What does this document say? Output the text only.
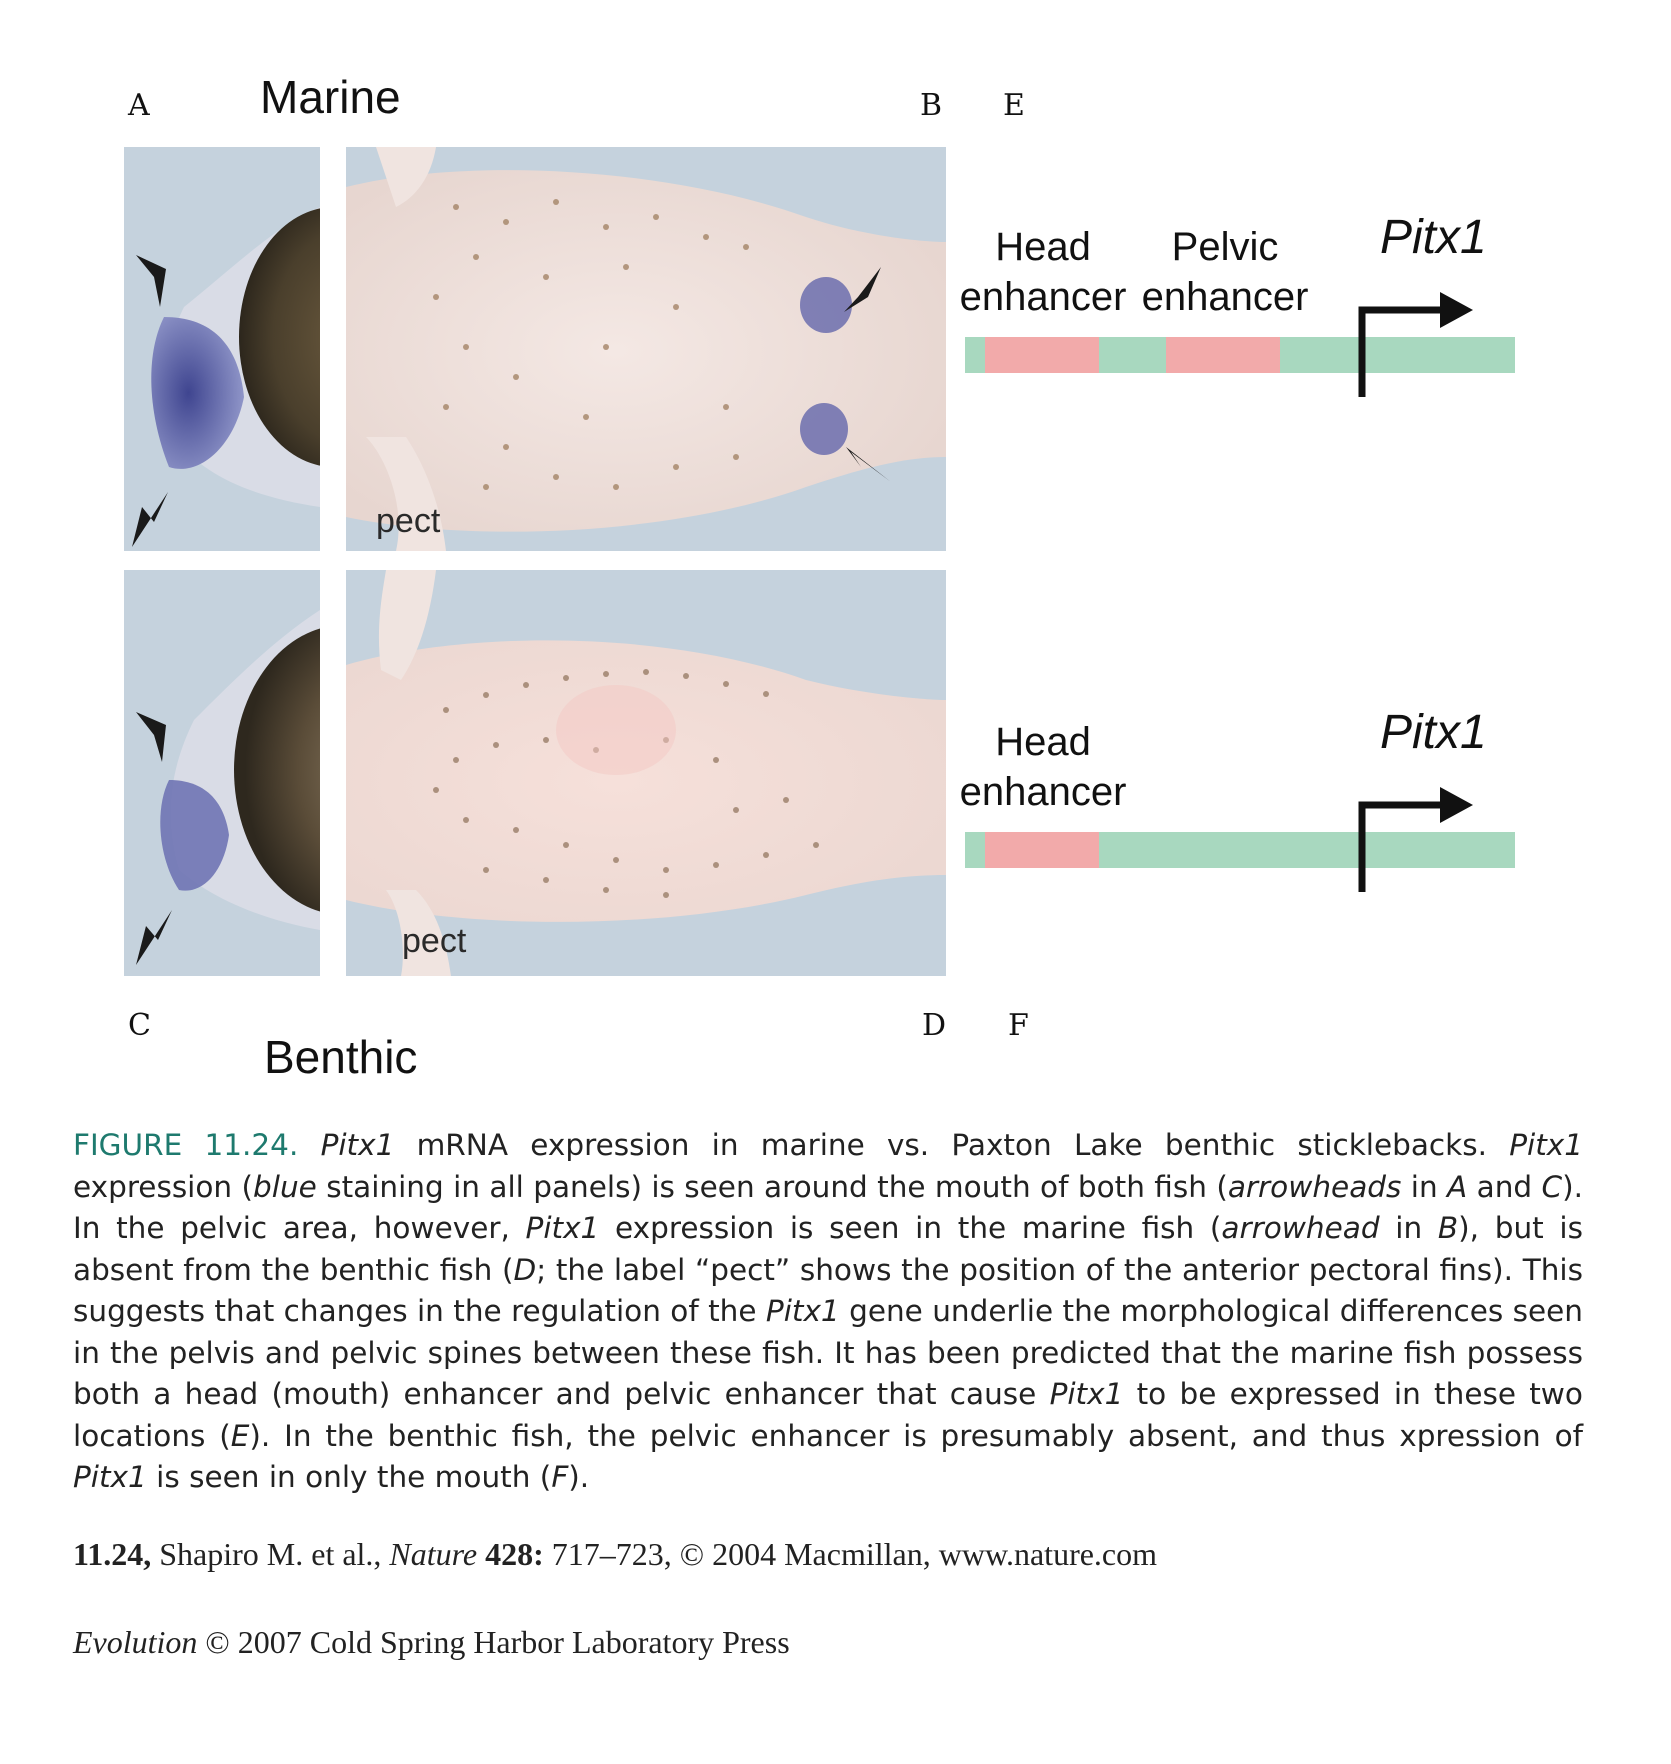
A Marine	B E
pect
pect
Head
enhancer
Pelvic
enhancer
Pitx1
Head
enhancer
Pitx1
C	D F
Benthic
FIGURE 11.24. Pitx1 mRNA expression in marine vs. Paxton Lake benthic sticklebacks. Pitx1 expression (blue staining in all panels) is seen around the mouth of both fish (arrowheads in A and C). In the pelvic area, however, Pitx1 expression is seen in the marine fish (arrowhead in B), but is absent from the benthic fish (D; the label “pect” shows the position of the anterior pectoral fins). This suggests that changes in the regulation of the Pitx1 gene underlie the morphological differences seen in the pelvis and pelvic spines between these fish. It has been predicted that the marine fish possess both a head (mouth) enhancer and pelvic enhancer that cause Pitx1 to be expressed in these two locations (E). In the benthic fish, the pelvic enhancer is presumably absent, and thus xpression of Pitx1 is seen in only the mouth (F).
11.24, Shapiro M. et al., Nature 428: 717–723, © 2004 Macmillan, www.nature.com
Evolution © 2007 Cold Spring Harbor Laboratory Press
